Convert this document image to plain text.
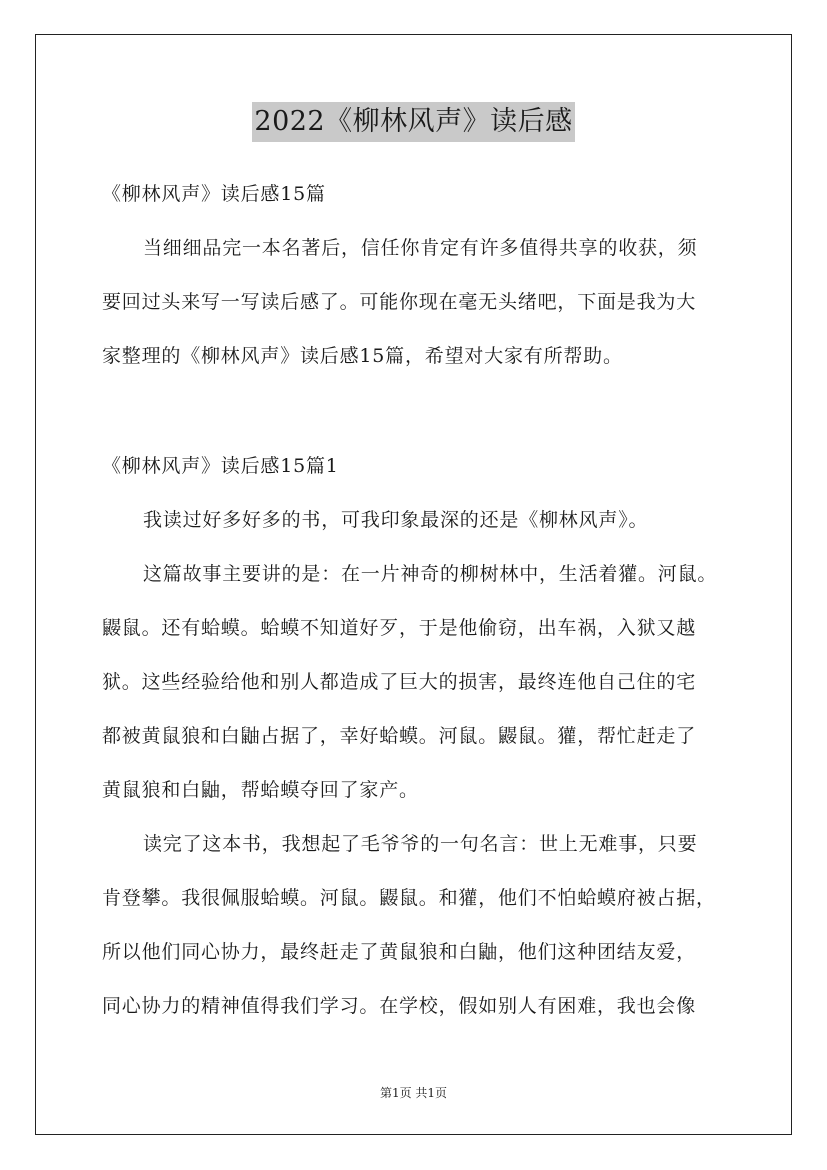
2022《柳林风声》读后感
《柳林风声》读后感15篇
当细细品完一本名著后，信任你肯定有许多值得共享的收获，须
要回过头来写一写读后感了。可能你现在毫无头绪吧，下面是我为大
家整理的《柳林风声》读后感15篇，希望对大家有所帮助。
《柳林风声》读后感15篇1
我读过好多好多的书，可我印象最深的还是《柳林风声》。
这篇故事主要讲的是：在一片神奇的柳树林中，生活着獾。河鼠。
鼹鼠。还有蛤蟆。蛤蟆不知道好歹，于是他偷窃，出车祸，入狱又越
狱。这些经验给他和别人都造成了巨大的损害，最终连他自己住的宅
都被黄鼠狼和白鼬占据了，幸好蛤蟆。河鼠。鼹鼠。獾，帮忙赶走了
黄鼠狼和白鼬，帮蛤蟆夺回了家产。
读完了这本书，我想起了毛爷爷的一句名言：世上无难事，只要
肯登攀。我很佩服蛤蟆。河鼠。鼹鼠。和獾，他们不怕蛤蟆府被占据，
所以他们同心协力，最终赶走了黄鼠狼和白鼬，他们这种团结友爱，
同心协力的精神值得我们学习。在学校，假如别人有困难，我也会像
第1页 共1页
